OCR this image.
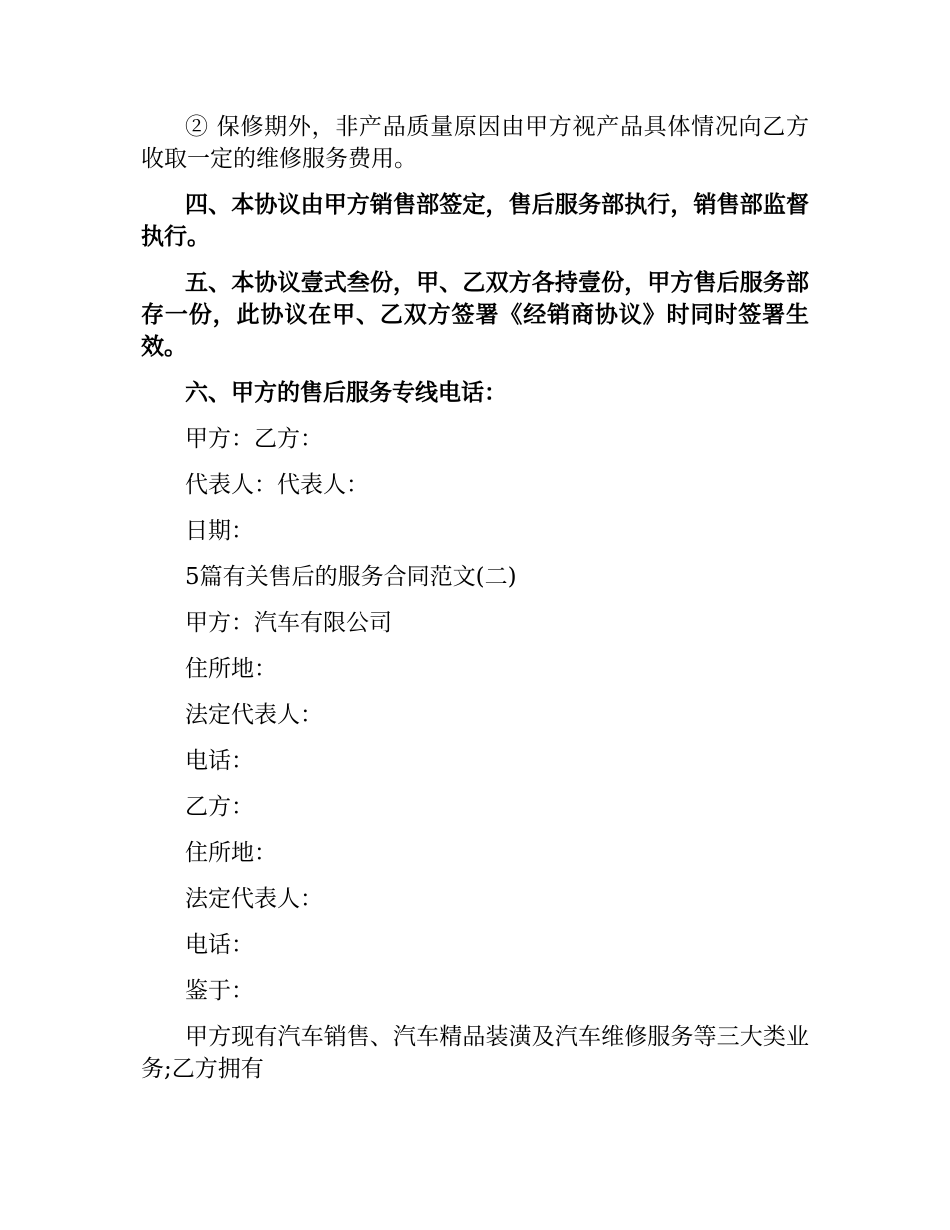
② 保修期外，非产品质量原因由甲方视产品具体情况向乙方收取一定的维修服务费用。

四、本协议由甲方销售部签定，售后服务部执行，销售部监督执行。

五、本协议壹式叁份，甲、乙双方各持壹份，甲方售后服务部存一份，此协议在甲、乙双方签署《经销商协议》时同时签署生效。

六、甲方的售后服务专线电话：

甲方：乙方：

代表人：代表人：

日期：

5篇有关售后的服务合同范文(二)

甲方：汽车有限公司

住所地：

法定代表人：

电话：

乙方：

住所地：

法定代表人：

电话：

鉴于：

甲方现有汽车销售、汽车精品装潢及汽车维修服务等三大类业务;乙方拥有
